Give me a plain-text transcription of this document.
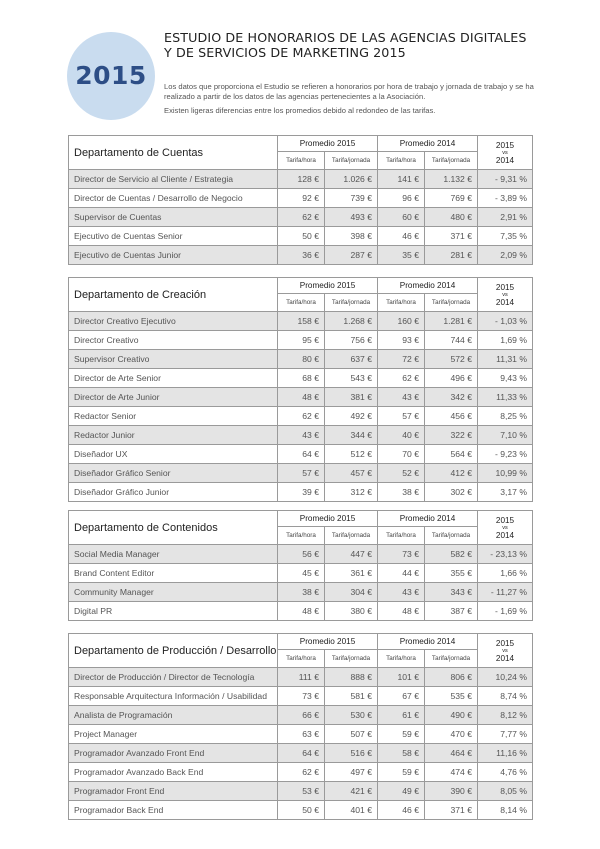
2015
ESTUDIO DE HONORARIOS DE LAS AGENCIAS DIGITALES
Y DE SERVICIOS DE MARKETING 2015

Los datos que proporciona el Estudio se refieren a honorarios por hora de trabajo y jornada de trabajo y se ha realizado a partir de los datos de las agencias pertenecientes a la Asociación.

Existen ligeras diferencias entre los promedios debido al redondeo de las tarifas.

Departamento de Cuentas	Promedio 2015		Promedio 2014		2015
vs
2014
	Tarifa/hora	Tarifa/jornada	Tarifa/hora	Tarifa/jornada	
Director de Servicio al Cliente / Estrategia	128 €	1.026 €	141 €	1.132 €	- 9,31 %
Director de Cuentas / Desarrollo de Negocio	92 €	739 €	96 €	769 €	- 3,89 %
Supervisor de Cuentas	62 €	493 €	60 €	480 €	2,91 %
Ejecutivo de Cuentas Senior	50 €	398 €	46 €	371 €	7,35 %
Ejecutivo de Cuentas Junior	36 €	287 €	35 €	281 €	2,09 %
Departamento de Creación	Promedio 2015		Promedio 2014		2015
vs
2014
	Tarifa/hora	Tarifa/jornada	Tarifa/hora	Tarifa/jornada	
Director Creativo Ejecutivo	158 €	1.268 €	160 €	1.281 €	- 1,03 %
Director Creativo	95 €	756 €	93 €	744 €	1,69 %
Supervisor Creativo	80 €	637 €	72 €	572 €	11,31 %
Director de Arte Senior	68 €	543 €	62 €	496 €	9,43 %
Director de Arte Junior	48 €	381 €	43 €	342 €	11,33 %
Redactor Senior	62 €	492 €	57 €	456 €	8,25 %
Redactor Junior	43 €	344 €	40 €	322 €	7,10 %
Diseñador UX	64 €	512 €	70 €	564 €	- 9,23 %
Diseñador Gráfico Senior	57 €	457 €	52 €	412 €	10,99 %
Diseñador Gráfico Junior	39 €	312 €	38 €	302 €	3,17 %
Departamento de Contenidos	Promedio 2015		Promedio 2014		2015
vs
2014
	Tarifa/hora	Tarifa/jornada	Tarifa/hora	Tarifa/jornada	
Social Media Manager	56 €	447 €	73 €	582 €	- 23,13 %
Brand Content Editor	45 €	361 €	44 €	355 €	1,66 %
Community Manager	38 €	304 €	43 €	343 €	- 11,27 %
Digital PR	48 €	380 €	48 €	387 €	- 1,69 %
Departamento de Producción / Desarrollo	Promedio 2015		Promedio 2014		2015
vs
2014
	Tarifa/hora	Tarifa/jornada	Tarifa/hora	Tarifa/jornada	
Director de Producción / Director de Tecnología	111 €	888 €	101 €	806 €	10,24 %
Responsable Arquitectura Información / Usabilidad	73 €	581 €	67 €	535 €	8,74 %
Analista de Programación	66 €	530 €	61 €	490 €	8,12 %
Project Manager	63 €	507 €	59 €	470 €	7,77 %
Programador Avanzado Front End	64 €	516 €	58 €	464 €	11,16 %
Programador Avanzado Back End	62 €	497 €	59 €	474 €	4,76 %
Programador Front End	53 €	421 €	49 €	390 €	8,05 %
Programador Back End	50 €	401 €	46 €	371 €	8,14 %
